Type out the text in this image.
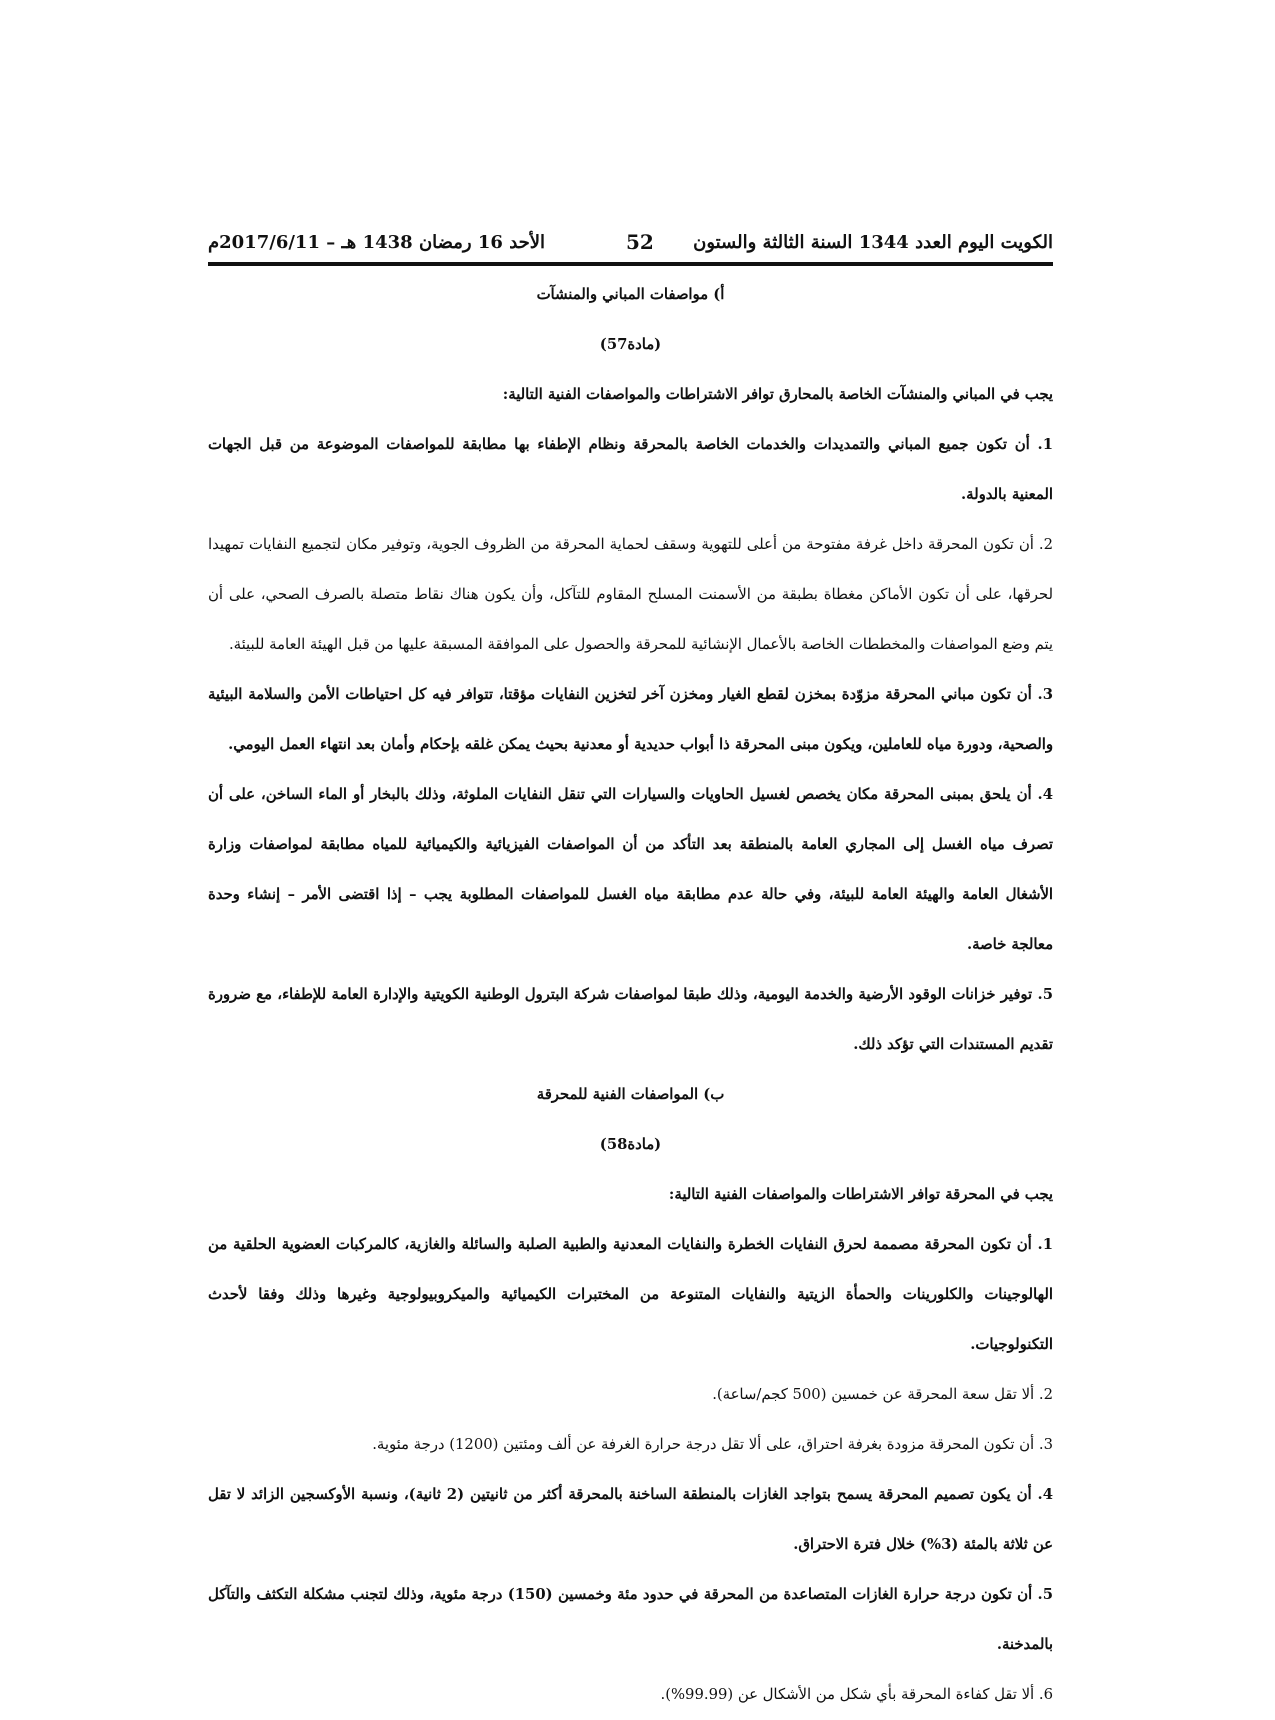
الأحد 16 رمضان 1438 هـ – 2017/6/11م	52 الكويت اليوم العدد 1344 السنة الثالثة والستون

أ) مواصفات المباني والمنشآت

(مادة57)

يجب في المباني والمنشآت الخاصة بالمحارق توافر الاشتراطات والمواصفات الفنية التالية:

1. أن تكون جميع المباني والتمديدات والخدمات الخاصة بالمحرقة ونظام الإطفاء بها مطابقة للمواصفات الموضوعة من قبل الجهات المعنية بالدولة.

2. أن تكون المحرقة داخل غرفة مفتوحة من أعلى للتهوية وسقف لحماية المحرقة من الظروف الجوية، وتوفير مكان لتجميع النفايات تمهيدا لحرقها، على أن تكون الأماكن مغطاة بطبقة من الأسمنت المسلح المقاوم للتآكل، وأن يكون هناك نقاط متصلة بالصرف الصحي، على أن يتم وضع المواصفات والمخططات الخاصة بالأعمال الإنشائية للمحرقة والحصول على الموافقة المسبقة عليها من قبل الهيئة العامة للبيئة.

3. أن تكون مباني المحرقة مزوّدة بمخزن لقطع الغيار ومخزن آخر لتخزين النفايات مؤقتا، تتوافر فيه كل احتياطات الأمن والسلامة البيئية والصحية، ودورة مياه للعاملين، ويكون مبنى المحرقة ذا أبواب حديدية أو معدنية بحيث يمكن غلقه بإحكام وأمان بعد انتهاء العمل اليومي.

4. أن يلحق بمبنى المحرقة مكان يخصص لغسيل الحاويات والسيارات التي تنقل النفايات الملوثة، وذلك بالبخار أو الماء الساخن، على أن تصرف مياه الغسل إلى المجاري العامة بالمنطقة بعد التأكد من أن المواصفات الفيزيائية والكيميائية للمياه مطابقة لمواصفات وزارة الأشغال العامة والهيئة العامة للبيئة، وفي حالة عدم مطابقة مياه الغسل للمواصفات المطلوبة يجب – إذا اقتضى الأمر – إنشاء وحدة معالجة خاصة.

5. توفير خزانات الوقود الأرضية والخدمة اليومية، وذلك طبقا لمواصفات شركة البترول الوطنية الكويتية والإدارة العامة للإطفاء، مع ضرورة تقديم المستندات التي تؤكد ذلك.

ب) المواصفات الفنية للمحرقة

(مادة58)

يجب في المحرقة توافر الاشتراطات والمواصفات الفنية التالية:

1. أن تكون المحرقة مصممة لحرق النفايات الخطرة والنفايات المعدنية والطبية الصلبة والسائلة والغازية، كالمركبات العضوية الحلقية من الهالوجينات والكلورينات والحمأة الزيتية والنفايات المتنوعة من المختبرات الكيميائية والميكروبيولوجية وغيرها وذلك وفقا لأحدث التكنولوجيات.

2. ألا تقل سعة المحرقة عن خمسين (500 كجم/ساعة).

3. أن تكون المحرقة مزودة بغرفة احتراق، على ألا تقل درجة حرارة الغرفة عن ألف ومئتين (1200) درجة مئوية.

4. أن يكون تصميم المحرقة يسمح بتواجد الغازات بالمنطقة الساخنة بالمحرقة أكثر من ثانيتين (2 ثانية)، ونسبة الأوكسجين الزائد لا تقل عن ثلاثة بالمئة (3%) خلال فترة الاحتراق.

5. أن تكون درجة حرارة الغازات المتصاعدة من المحرقة في حدود مئة وخمسين (150) درجة مئوية، وذلك لتجنب مشكلة التكثف والتآكل بالمدخنة.

6. ألا تقل كفاءة المحرقة بأي شكل من الأشكال عن (99.99%).
